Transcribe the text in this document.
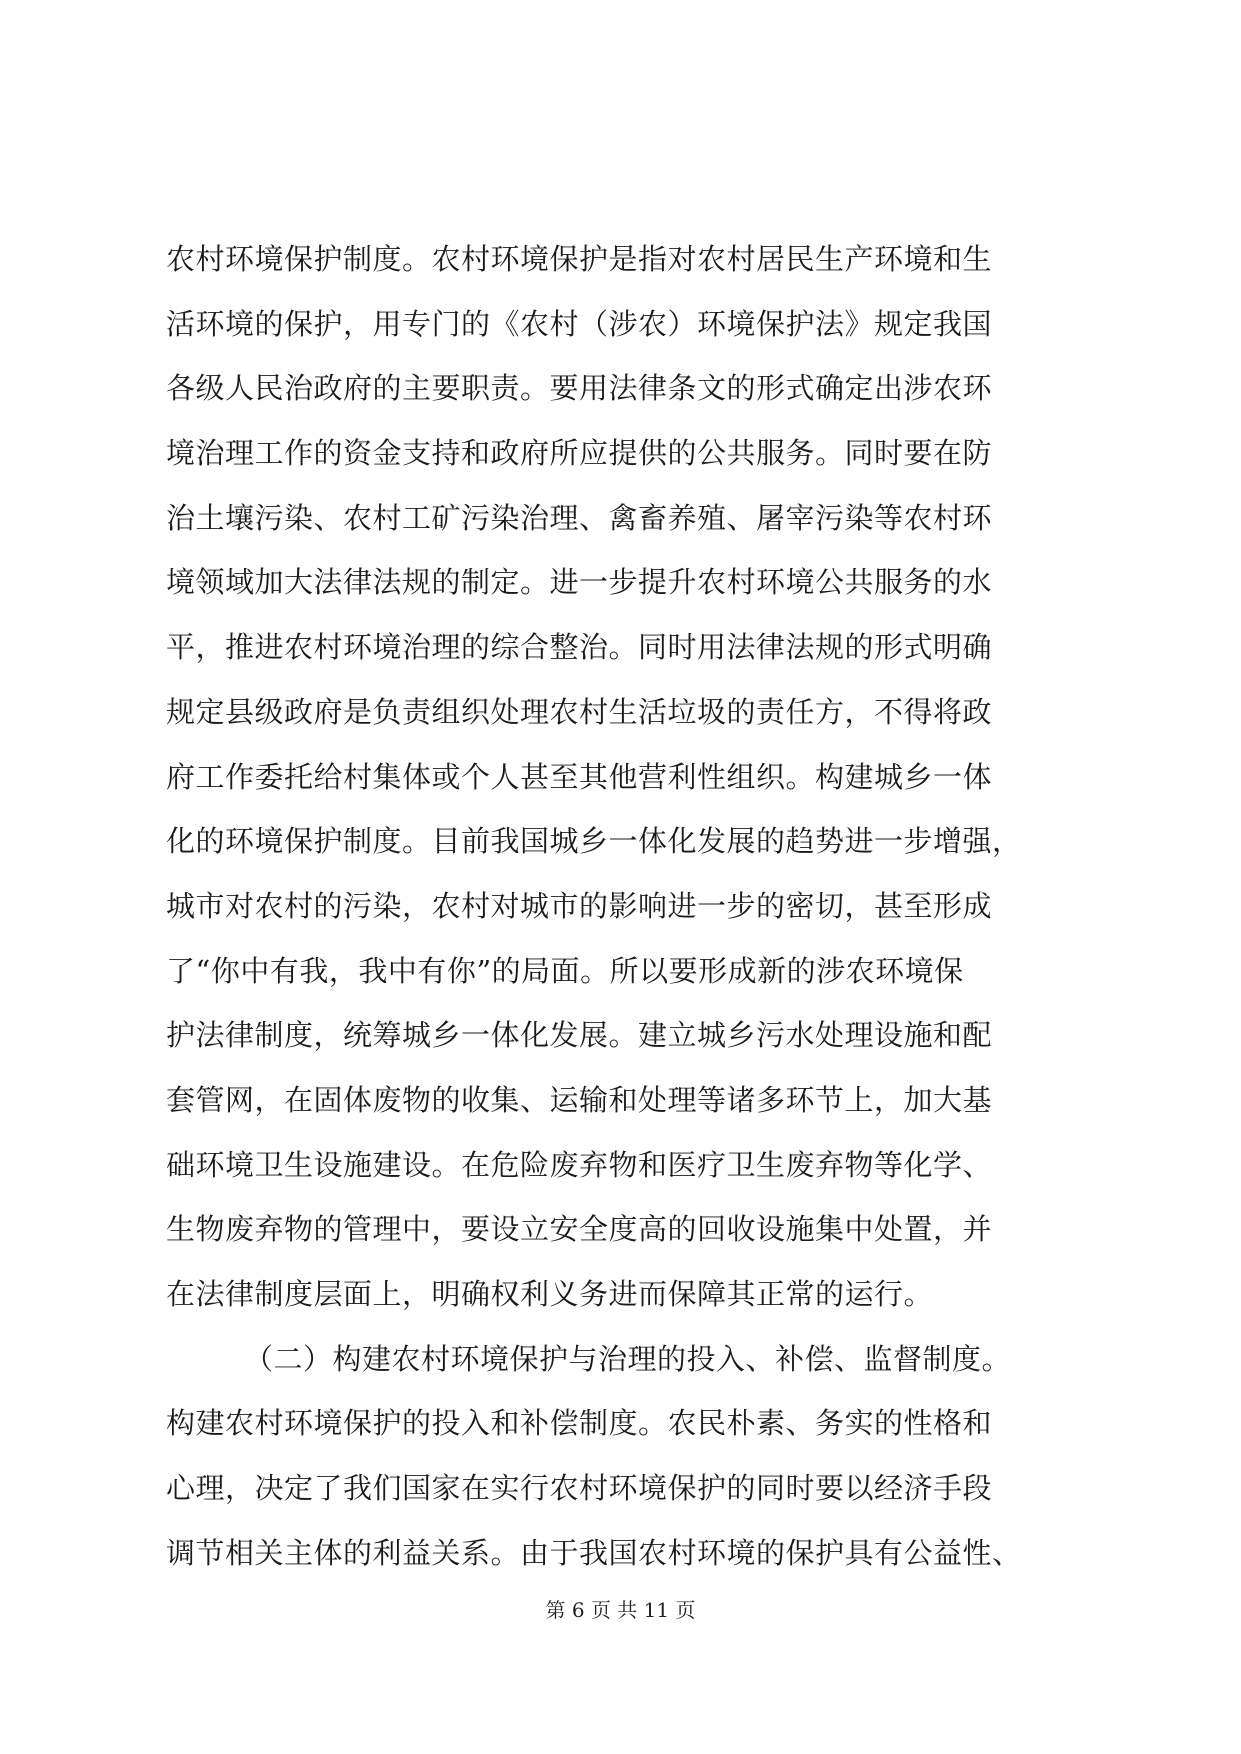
农村环境保护制度。农村环境保护是指对农村居民生产环境和生
活环境的保护，用专门的《农村（涉农）环境保护法》规定我国
各级人民治政府的主要职责。要用法律条文的形式确定出涉农环
境治理工作的资金支持和政府所应提供的公共服务。同时要在防
治土壤污染、农村工矿污染治理、禽畜养殖、屠宰污染等农村环
境领域加大法律法规的制定。进一步提升农村环境公共服务的水
平，推进农村环境治理的综合整治。同时用法律法规的形式明确
规定县级政府是负责组织处理农村生活垃圾的责任方，不得将政
府工作委托给村集体或个人甚至其他营利性组织。构建城乡一体
化的环境保护制度。目前我国城乡一体化发展的趋势进一步增强，
城市对农村的污染，农村对城市的影响进一步的密切，甚至形成
了“你中有我，我中有你”的局面。所以要形成新的涉农环境保
护法律制度，统筹城乡一体化发展。建立城乡污水处理设施和配
套管网，在固体废物的收集、运输和处理等诸多环节上，加大基
础环境卫生设施建设。在危险废弃物和医疗卫生废弃物等化学、
生物废弃物的管理中，要设立安全度高的回收设施集中处置，并
在法律制度层面上，明确权利义务进而保障其正常的运行。
（二）构建农村环境保护与治理的投入、补偿、监督制度。
构建农村环境保护的投入和补偿制度。农民朴素、务实的性格和
心理，决定了我们国家在实行农村环境保护的同时要以经济手段
调节相关主体的利益关系。由于我国农村环境的保护具有公益性、
第 6 页 共 11 页
